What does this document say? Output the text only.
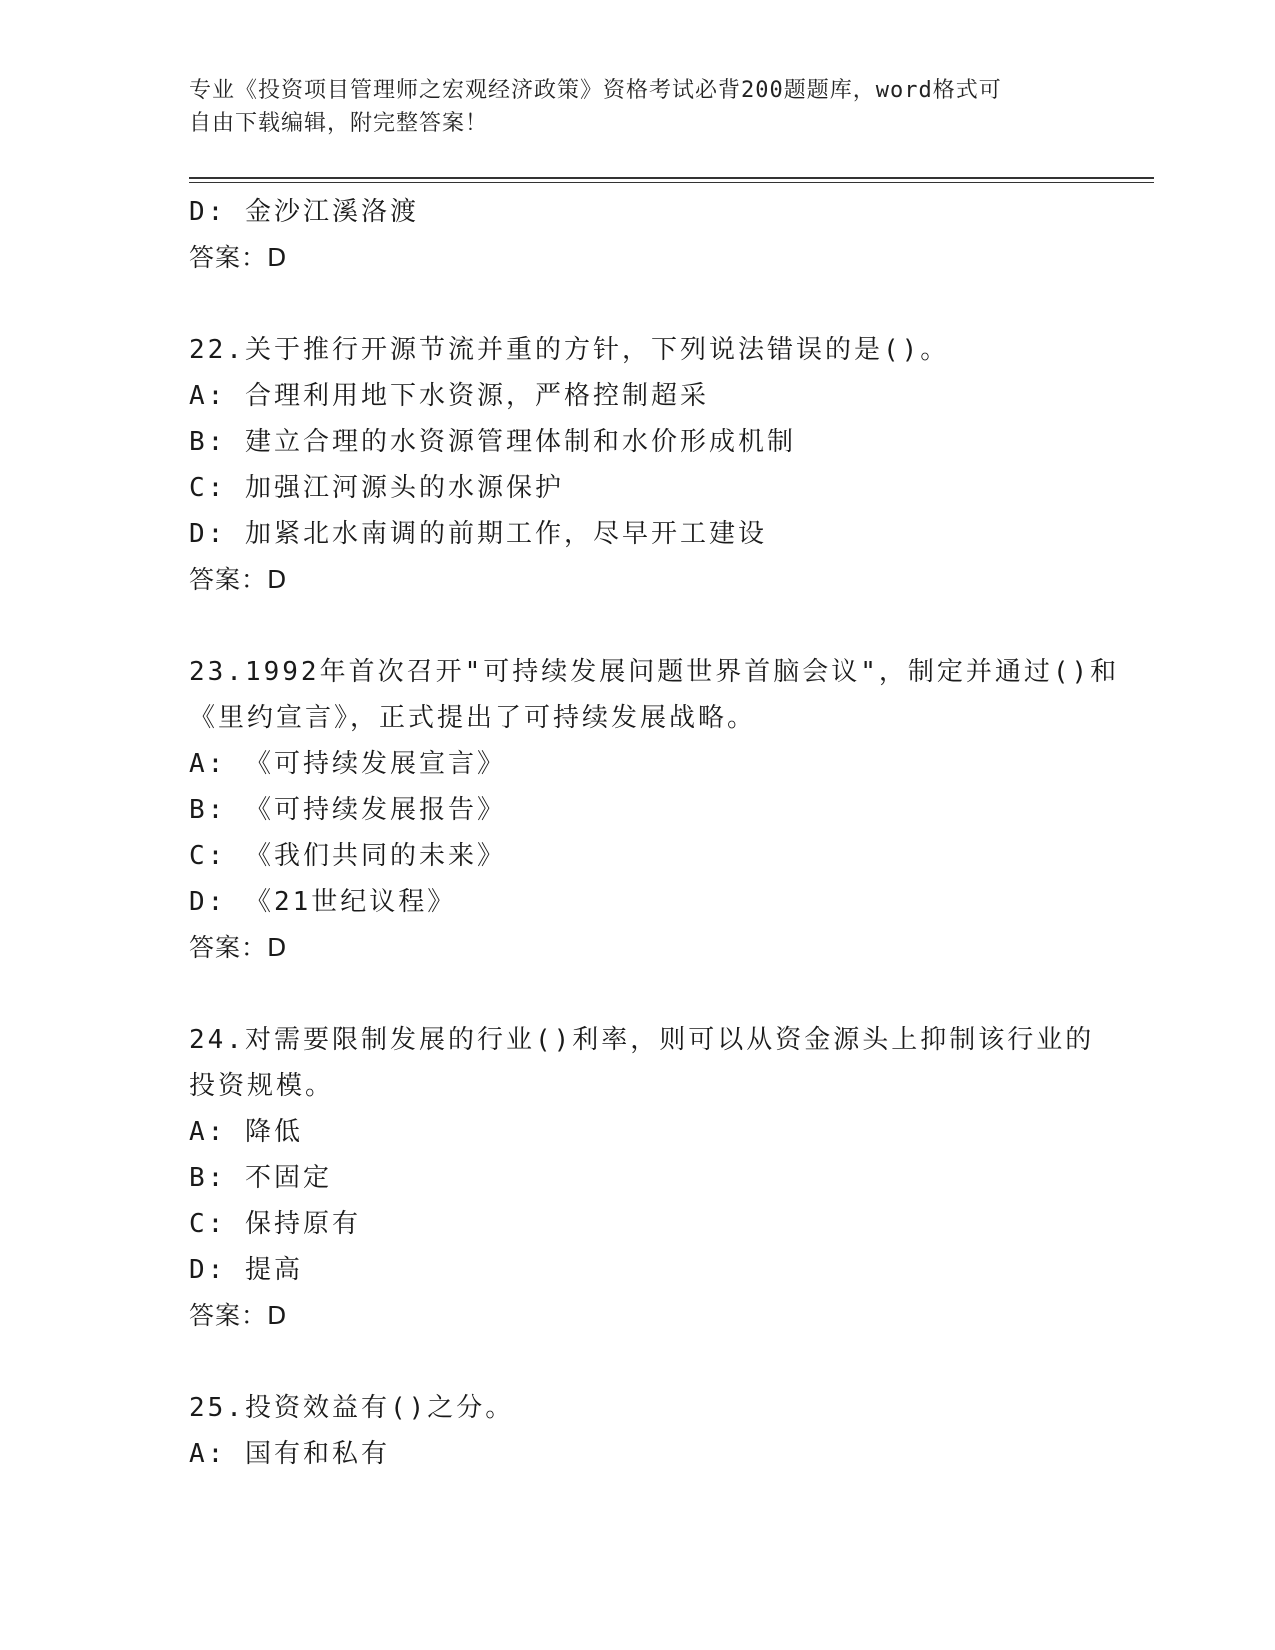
专业《投资项目管理师之宏观经济政策》资格考试必背200题题库，word格式可

自由下载编辑，附完整答案！

D: 金沙江溪洛渡
答案：D
22.关于推行开源节流并重的方针，下列说法错误的是()。
A: 合理利用地下水资源，严格控制超采
B: 建立合理的水资源管理体制和水价形成机制
C: 加强江河源头的水源保护
D: 加紧北水南调的前期工作，尽早开工建设
答案：D
23.1992年首次召开"可持续发展问题世界首脑会议"，制定并通过()和
《里约宣言》，正式提出了可持续发展战略。
A: 《可持续发展宣言》
B: 《可持续发展报告》
C: 《我们共同的未来》
D: 《21世纪议程》
答案：D
24.对需要限制发展的行业()利率，则可以从资金源头上抑制该行业的
投资规模。
A: 降低
B: 不固定
C: 保持原有
D: 提高
答案：D
25.投资效益有()之分。
A: 国有和私有
